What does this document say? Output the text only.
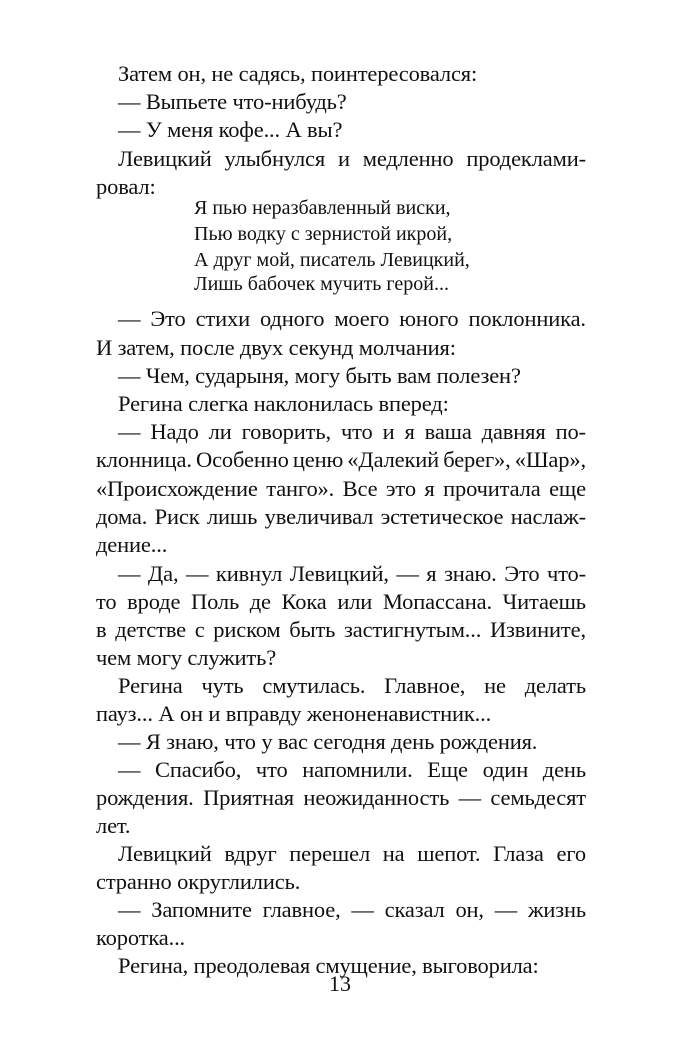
Затем он, не садясь, поинтересовался:
— Выпьете что-нибудь?
— У меня кофе... А вы?
Левицкий улыбнулся и медленно продеклами-
ровал:
— Это стихи одного моего юного поклонника.
И затем, после двух секунд молчания:
— Чем, сударыня, могу быть вам полезен?
Регина слегка наклонилась вперед:
— Надо ли говорить, что и я ваша давняя по-
клонница. Особенно ценю «Далекий берег», «Шар»,
«Происхождение танго». Все это я прочитала еще
дома. Риск лишь увеличивал эстетическое наслаж-
дение...
— Да, — кивнул Левицкий, — я знаю. Это что-
то вроде Поль де Кока или Мопассана. Читаешь
в детстве с риском быть застигнутым... Извините,
чем могу служить?
Регина чуть смутилась. Главное, не делать
пауз... А он и вправду женоненавистник...
— Я знаю, что у вас сегодня день рождения.
— Спасибо, что напомнили. Еще один день
рождения. Приятная неожиданность — семьдесят
лет.
Левицкий вдруг перешел на шепот. Глаза его
странно округлились.
— Запомните главное, — сказал он, — жизнь
коротка...
Регина, преодолевая смущение, выговорила:
Я пью неразбавленный виски,
Пью водку с зернистой икрой,
А друг мой, писатель Левицкий,
Лишь бабочек мучить герой...
13
